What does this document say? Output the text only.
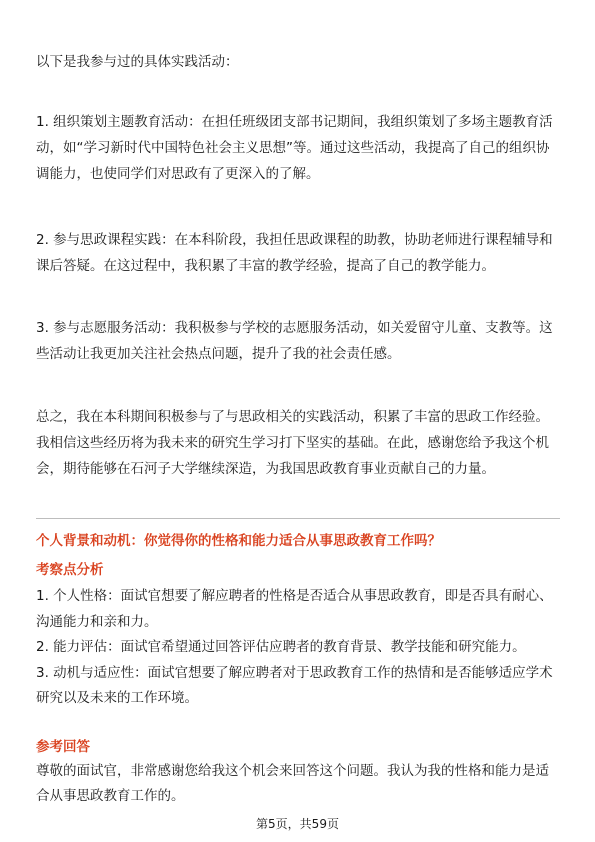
以下是我参与过的具体实践活动：

1. 组织策划主题教育活动：在担任班级团支部书记期间，我组织策划了多场主题教育活动，如“学习新时代中国特色社会主义思想”等。通过这些活动，我提高了自己的组织协调能力，也使同学们对思政有了更深入的了解。

2. 参与思政课程实践：在本科阶段，我担任思政课程的助教，协助老师进行课程辅导和课后答疑。在这过程中，我积累了丰富的教学经验，提高了自己的教学能力。

3. 参与志愿服务活动：我积极参与学校的志愿服务活动，如关爱留守儿童、支教等。这些活动让我更加关注社会热点问题，提升了我的社会责任感。

总之，我在本科期间积极参与了与思政相关的实践活动，积累了丰富的思政工作经验。我相信这些经历将为我未来的研究生学习打下坚实的基础。在此，感谢您给予我这个机会，期待能够在石河子大学继续深造，为我国思政教育事业贡献自己的力量。

个人背景和动机：你觉得你的性格和能力适合从事思政教育工作吗？

考察点分析

1. 个人性格：面试官想要了解应聘者的性格是否适合从事思政教育，即是否具有耐心、沟通能力和亲和力。
2. 能力评估：面试官希望通过回答评估应聘者的教育背景、教学技能和研究能力。
3. 动机与适应性：面试官想要了解应聘者对于思政教育工作的热情和是否能够适应学术研究以及未来的工作环境。

参考回答

尊敬的面试官，非常感谢您给我这个机会来回答这个问题。我认为我的性格和能力是适合从事思政教育工作的。

第5页，共59页
